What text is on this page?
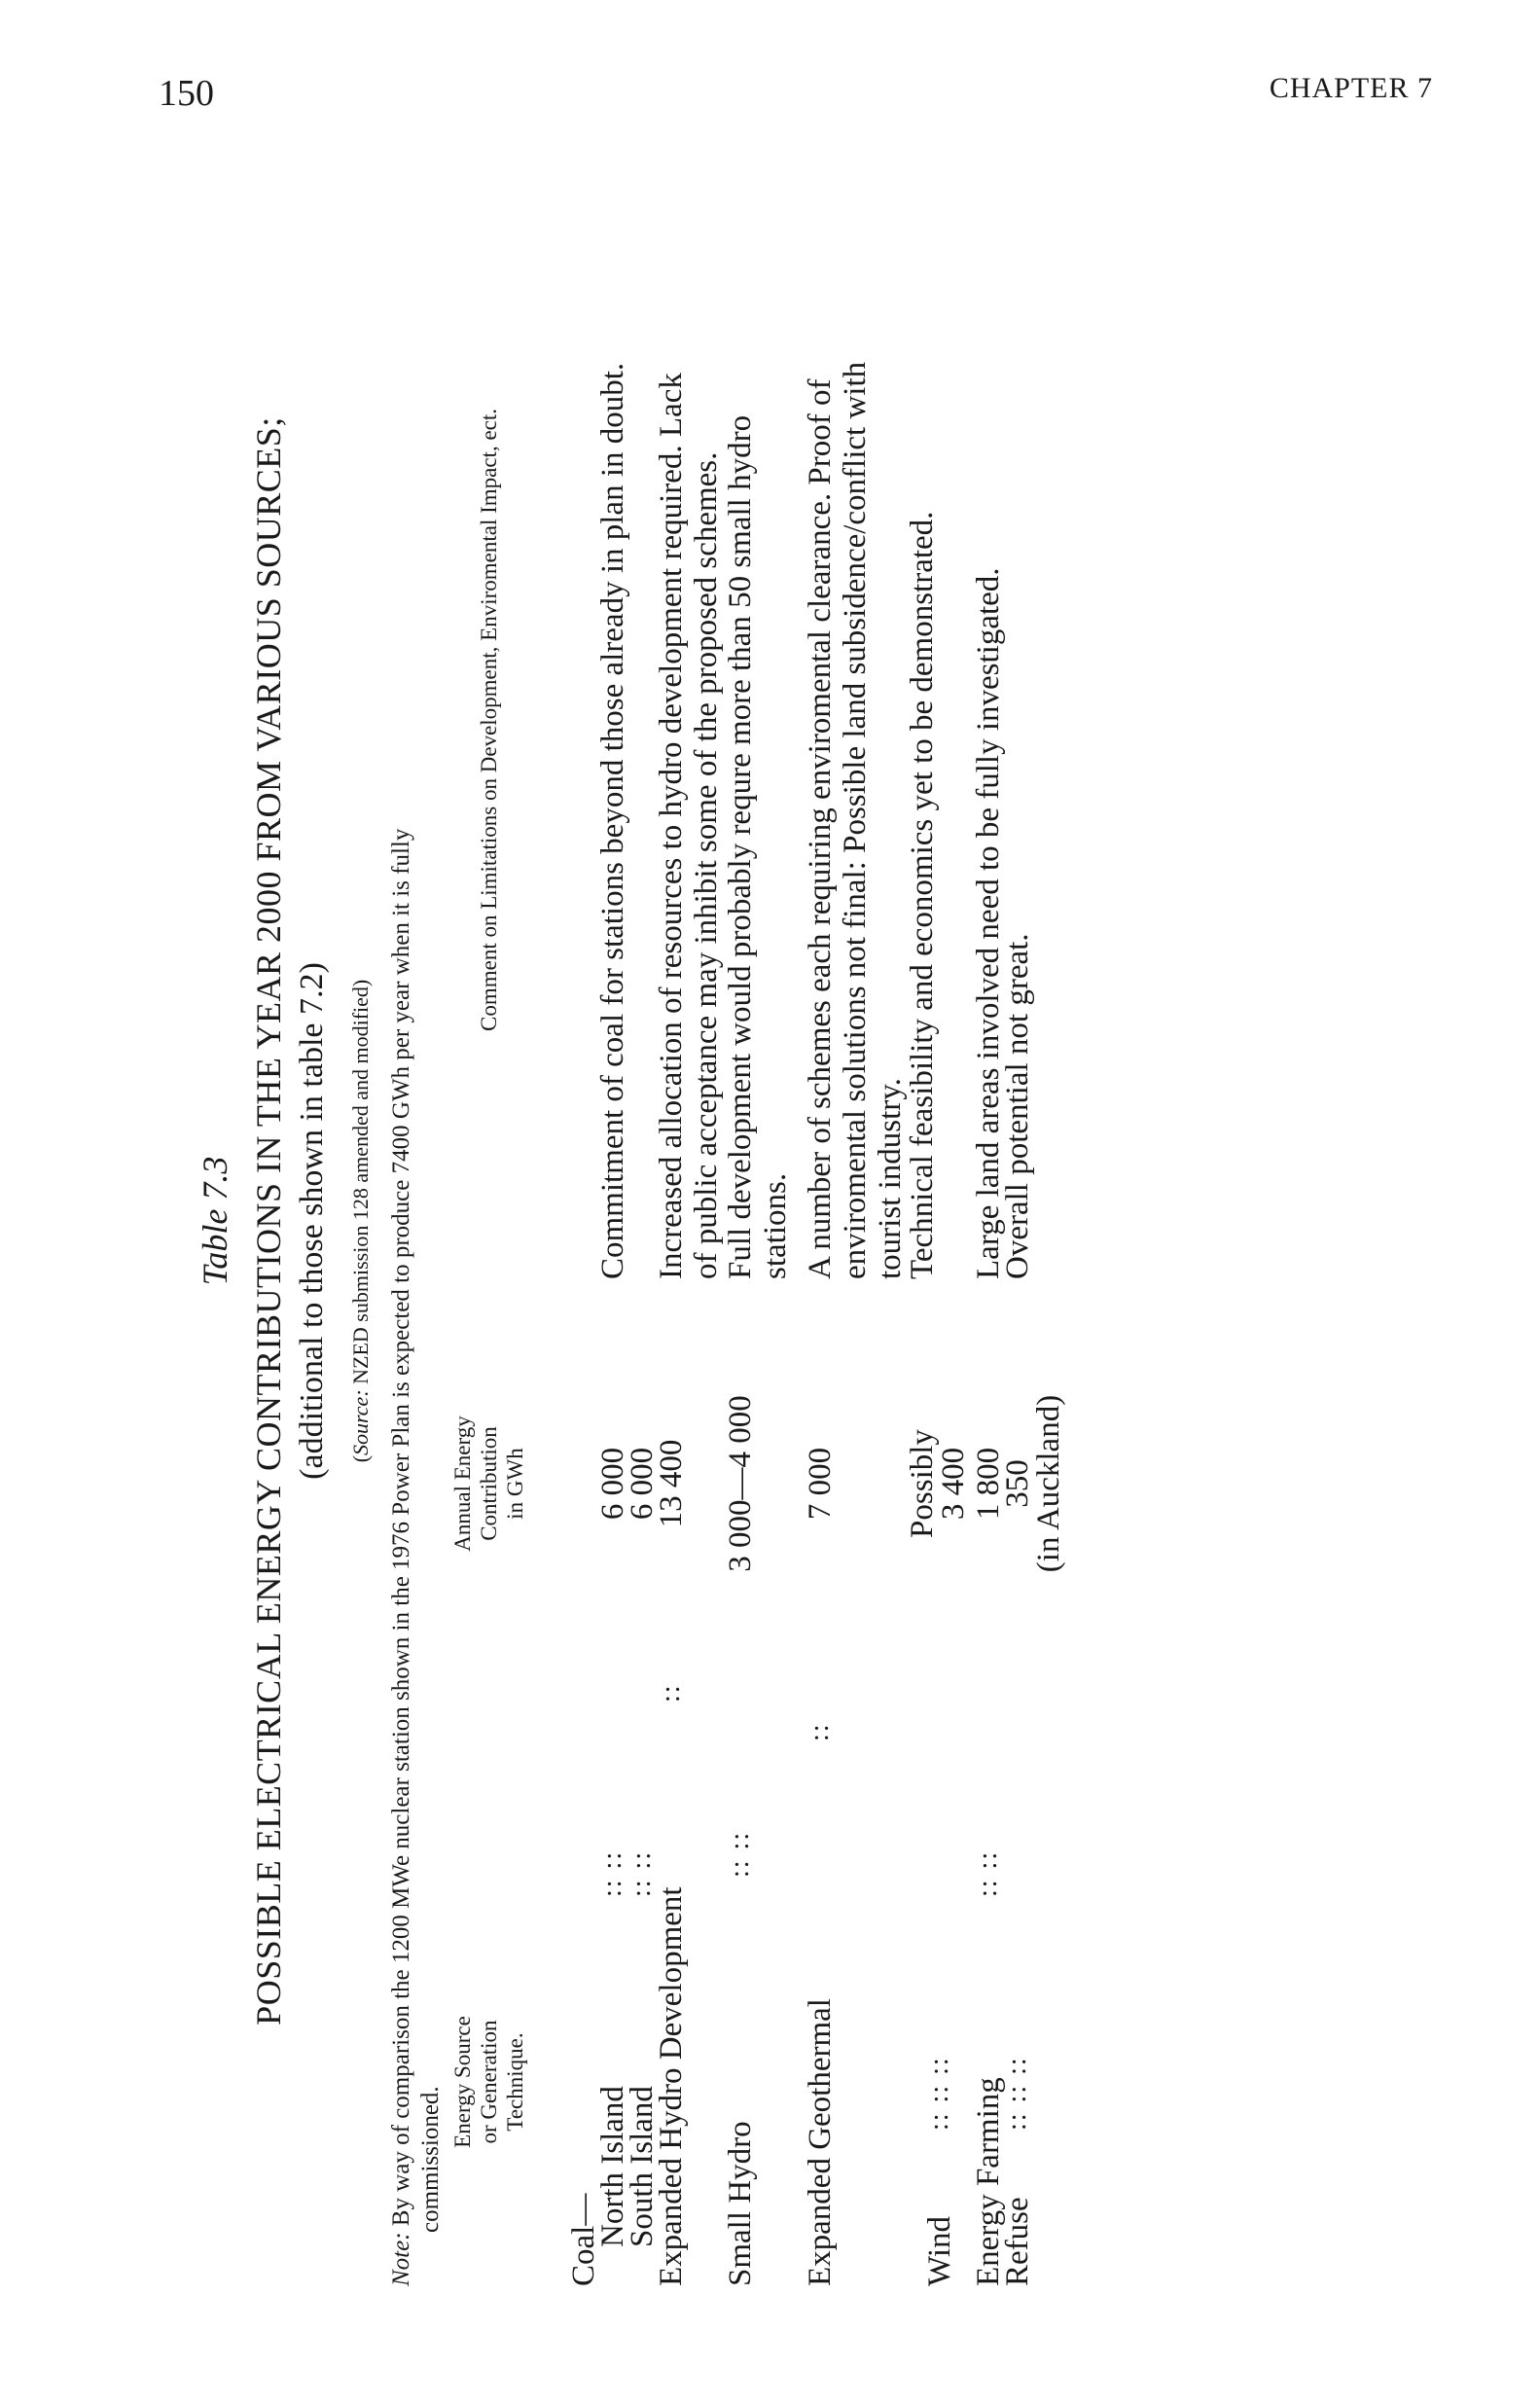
150	CHAPTER 7
Table 7.3 POSSIBLE ELECTRICAL ENERGY CONTRIBUTIONS IN THE YEAR 2000 FROM VARIOUS SOURCES; (additional to those shown in table 7.2) (Source: NZED submission 128 amended and modified)
Note: By way of comparison the 1200 MWe nuclear station shown in the 1976 Power Plan is expected to produce 7400 GWh per year when it is fully commissioned.
Energy Source or Generation Technique.
Annual Energy Contribution in GWh
Comment on Limitations on Development, Enviromental Impact, ect.
Coal—
North Island
:: ::
6 000
Commitment of coal for stations beyond those already in plan in doubt.
South Island
:: ::
6 000
Expanded Hydro Development
::
13 400
Increased allocation of resources to hydro development required. Lack of public acceptance may inhibit some of the proposed schemes.
Small Hydro
:: ::
3 000—4 000
Full development would probably requre more than 50 small hydro stations.
Expanded Geothermal
::
7 000
A number of schemes each requiring enviromental clearance. Proof of enviromental solutions not final: Possible land subsidence/conflict with tourist industry.
Wind
:: :: ::
Possibly
3 400
Technical feasibility and economics yet to be demonstrated.
Energy Farming
:: ::
1 800
Large land areas involved need to be fully investigated.
Refuse
:: :: ::
350
(in Auckland)
Overall potential not great.
